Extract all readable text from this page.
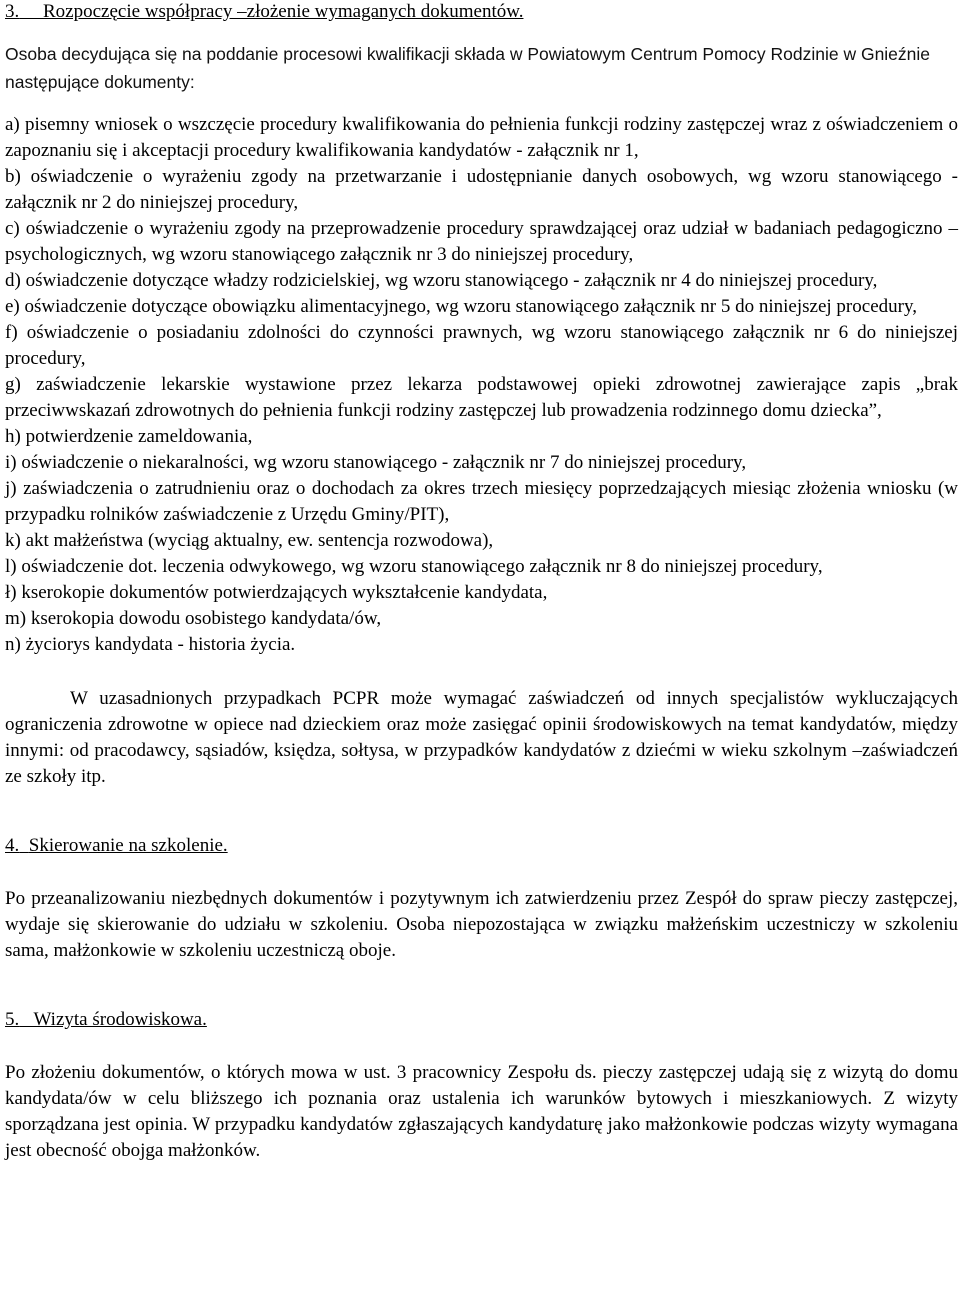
3.
Rozpoczęcie współpracy –złożenie wymaganych dokumentów.

Osoba decydująca się na poddanie procesowi kwalifikacji składa w Powiatowym Centrum Pomocy Rodzinie w Gnieźnie następujące dokumenty:

a) pisemny wniosek o wszczęcie procedury kwalifikowania do pełnienia funkcji rodziny zastępczej wraz z oświadczeniem o zapoznaniu się i akceptacji procedury kwalifikowania kandydatów - załącznik nr 1,

b) oświadczenie o wyrażeniu zgody na przetwarzanie i udostępnianie danych osobowych, wg wzoru stanowiącego - załącznik nr 2 do niniejszej procedury,

c) oświadczenie o wyrażeniu zgody na przeprowadzenie procedury sprawdzającej oraz udział w badaniach pedagogiczno – psychologicznych, wg wzoru stanowiącego załącznik nr 3 do niniejszej procedury,

d) oświadczenie dotyczące władzy rodzicielskiej, wg wzoru stanowiącego - załącznik nr 4 do niniejszej procedury,

e) oświadczenie dotyczące obowiązku alimentacyjnego, wg wzoru stanowiącego załącznik nr 5 do niniejszej procedury,

f) oświadczenie o posiadaniu zdolności do czynności prawnych, wg wzoru stanowiącego załącznik nr 6 do niniejszej procedury,

g) zaświadczenie lekarskie wystawione przez lekarza podstawowej opieki zdrowotnej zawierające zapis „brak przeciwwskazań zdrowotnych do pełnienia funkcji rodziny zastępczej lub prowadzenia rodzinnego domu dziecka”,

h) potwierdzenie zameldowania,

i) oświadczenie o niekaralności, wg wzoru stanowiącego - załącznik nr 7 do niniejszej procedury,

j) zaświadczenia o zatrudnieniu oraz o dochodach za okres trzech miesięcy poprzedzających miesiąc złożenia wniosku (w przypadku rolników zaświadczenie z Urzędu Gminy/PIT),

k) akt małżeństwa (wyciąg aktualny, ew. sentencja rozwodowa),

l) oświadczenie dot. leczenia odwykowego, wg wzoru stanowiącego załącznik nr 8 do niniejszej procedury,

ł) kserokopie dokumentów potwierdzających wykształcenie kandydata,

m) kserokopia dowodu osobistego kandydata/ów,

n) życiorys kandydata - historia życia.

W uzasadnionych przypadkach PCPR może wymagać zaświadczeń od innych specjalistów wykluczających ograniczenia zdrowotne w opiece nad dzieckiem oraz może zasięgać opinii środowiskowych na temat kandydatów, między innymi: od pracodawcy, sąsiadów, księdza, sołtysa, w przypadków kandydatów z dziećmi w wieku szkolnym –zaświadczeń ze szkoły itp.

4.
Skierowanie na szkolenie.

Po przeanalizowaniu niezbędnych dokumentów i pozytywnym ich zatwierdzeniu przez Zespół do spraw pieczy zastępczej, wydaje się skierowanie do udziału w szkoleniu. Osoba niepozostająca w związku małżeńskim uczestniczy w szkoleniu sama, małżonkowie w szkoleniu uczestniczą oboje.

5.
Wizyta środowiskowa.

Po złożeniu dokumentów, o których mowa w ust. 3 pracownicy Zespołu ds. pieczy zastępczej udają się z wizytą do domu kandydata/ów w celu bliższego ich poznania oraz ustalenia ich warunków bytowych i mieszkaniowych. Z wizyty sporządzana jest opinia. W przypadku kandydatów zgłaszających kandydaturę jako małżonkowie podczas wizyty wymagana jest obecność obojga małżonków.
